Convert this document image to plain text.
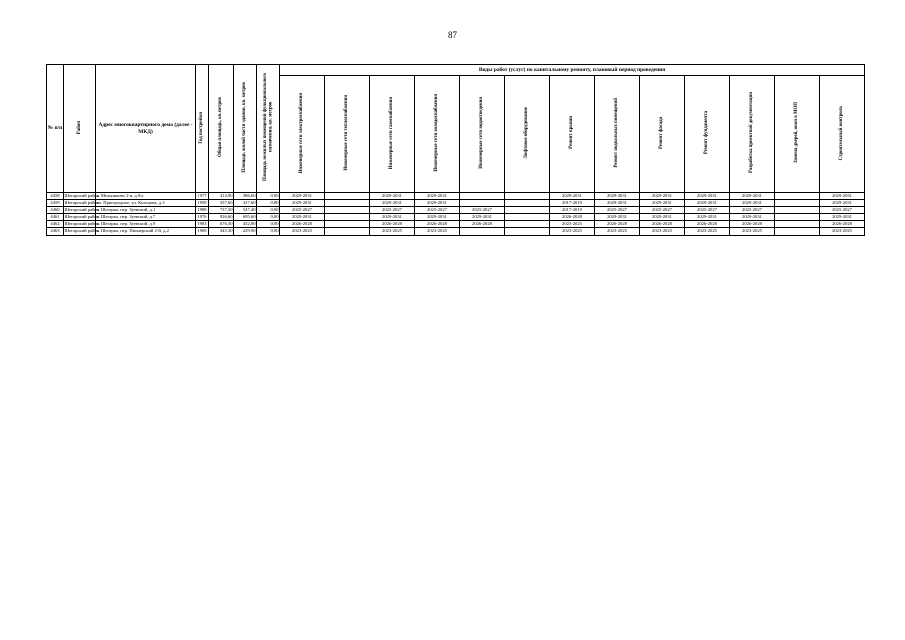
87
№ п/п	Район	Адрес многоквартирного дома (далее - МКД)	Год постройки	Общая площадь, кв.метров	Площадь жилой части здания, кв. метров	Площадь нежилых помещений функционального назначения, кв. метров	Виды работ (услуг) по капитальному ремонту, плановый период проведения												
							Инженерные сети электроснабжения	Инженерные сети теплоснабжения	Инженерные сети газоснабжения	Инженерные сети холодоснабжения	Инженерные сети водоотведения	Лифтовое оборудование	Ремонт крыши	Ремонт подвальных помещений	Ремонт фасада	Ремонт фундамента	Разработка проектной документации	Замена дверей, окон в МОП	Строительный контроль
4458	Шегарский район	с. Мельниково 2-я, д.9/а	1977	414,90	386,60	0,00	2029-2031		2029-2031	2029-2031			2029-2031	2029-2031	2029-2031	2029-2031	2029-2031		2029-2031
4459	Шегарский район	сп. Пригородное, ул. Кольцова, д.3	1958	357,60	327,60	0,00	2029-2031		2029-2031	2029-2031			2017-2019	2029-2031	2029-2031	2029-2031	2029-2031		2029-2031
4460	Шегарский район	с. Шегарка, пер. Зуевский, д.1	1988	737,30	547,40	0,00	2025-2027		2025-2027	2025-2027	2025-2027		2017-2019	2025-2027	2025-2027	2025-2027	2025-2027		2025-2027
4461	Шегарский район	с. Шегарка, пер. Зуевский, д.7	1976	926,60	695,60	0,00	2029-2031		2029-2031	2029-2031	2029-2031		2026-2028	2029-2031	2029-2031	2029-2031	2029-2031		2029-2031
4462	Шегарский район	с. Шегарка, пер. Зуевский, д.9	1983	676,30	452,80	0,00	2026-2028		2026-2028	2026-2028	2026-2028		2023-2025	2026-2028	2026-2028	2026-2028	2026-2028		2026-2028
4463	Шегарский район	с. Шегарка, пер. Пионерский 2-й, д.2	1969	345,30	229,90	0,00	2023-2025		2023-2025	2023-2025			2023-2025	2023-2025	2023-2025	2023-2025	2023-2025		2023-2025
